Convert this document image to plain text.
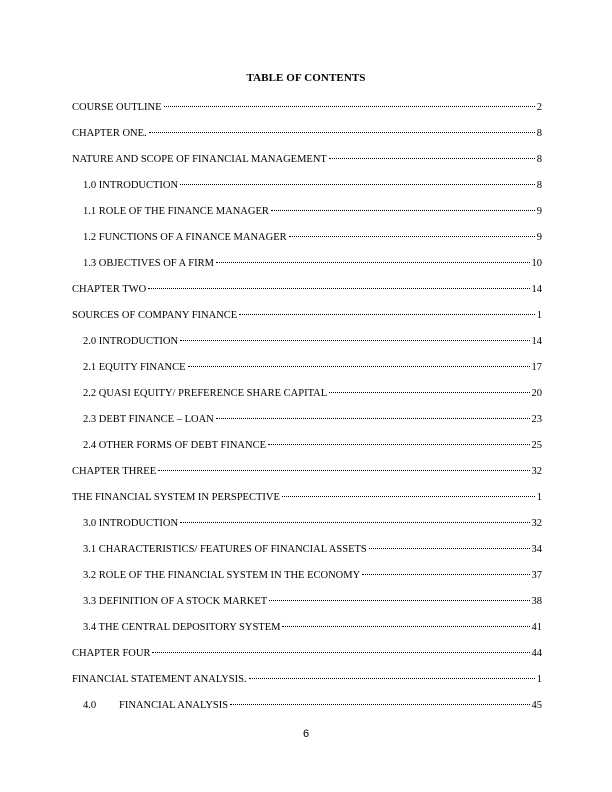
TABLE OF CONTENTS
COURSE OUTLINE	2
CHAPTER ONE.	8
NATURE AND SCOPE OF FINANCIAL MANAGEMENT	8
1.0 INTRODUCTION	8
1.1 ROLE OF THE FINANCE MANAGER	9
1.2 FUNCTIONS OF A FINANCE MANAGER	9
1.3 OBJECTIVES OF A FIRM	10
CHAPTER TWO	14
SOURCES OF COMPANY FINANCE	1
2.0 INTRODUCTION	14
2.1 EQUITY FINANCE	17
2.2 QUASI EQUITY/ PREFERENCE SHARE CAPITAL	20
2.3 DEBT FINANCE – LOAN	23
2.4 OTHER FORMS OF DEBT FINANCE	25
CHAPTER THREE	32
THE FINANCIAL SYSTEM IN PERSPECTIVE	1
3.0 INTRODUCTION	32
3.1 CHARACTERISTICS/ FEATURES OF FINANCIAL ASSETS	34
3.2 ROLE OF THE FINANCIAL SYSTEM IN THE ECONOMY	37
3.3 DEFINITION OF A STOCK MARKET	38
3.4 THE CENTRAL DEPOSITORY SYSTEM	41
CHAPTER FOUR	44
FINANCIAL STATEMENT ANALYSIS.	1
4.0 FINANCIAL ANALYSIS	45
6
